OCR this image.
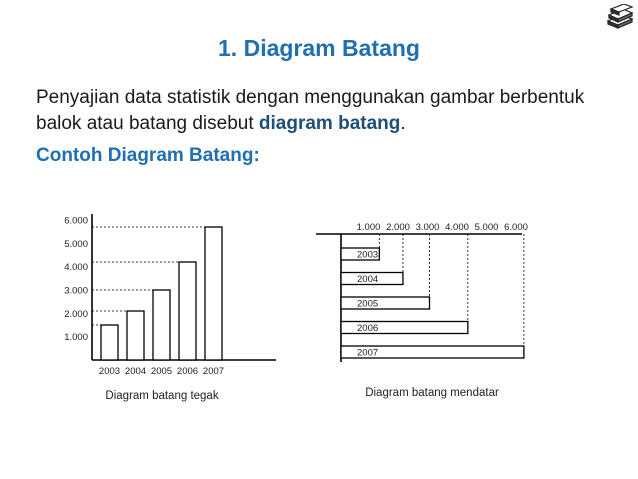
1. Diagram Batang
Penyajian data statistik dengan menggunakan gambar berbentuk balok atau batang disebut diagram batang.
Contoh Diagram Batang:
1.000
2.000
3.000
4.000
5.000
6.000
2003 2004 2005 2006 2007
Diagram batang tegak
1.000 2.000 3.000 4.000 5.000 6.000
2003
2004
2005
2006
2007
Diagram batang mendatar
